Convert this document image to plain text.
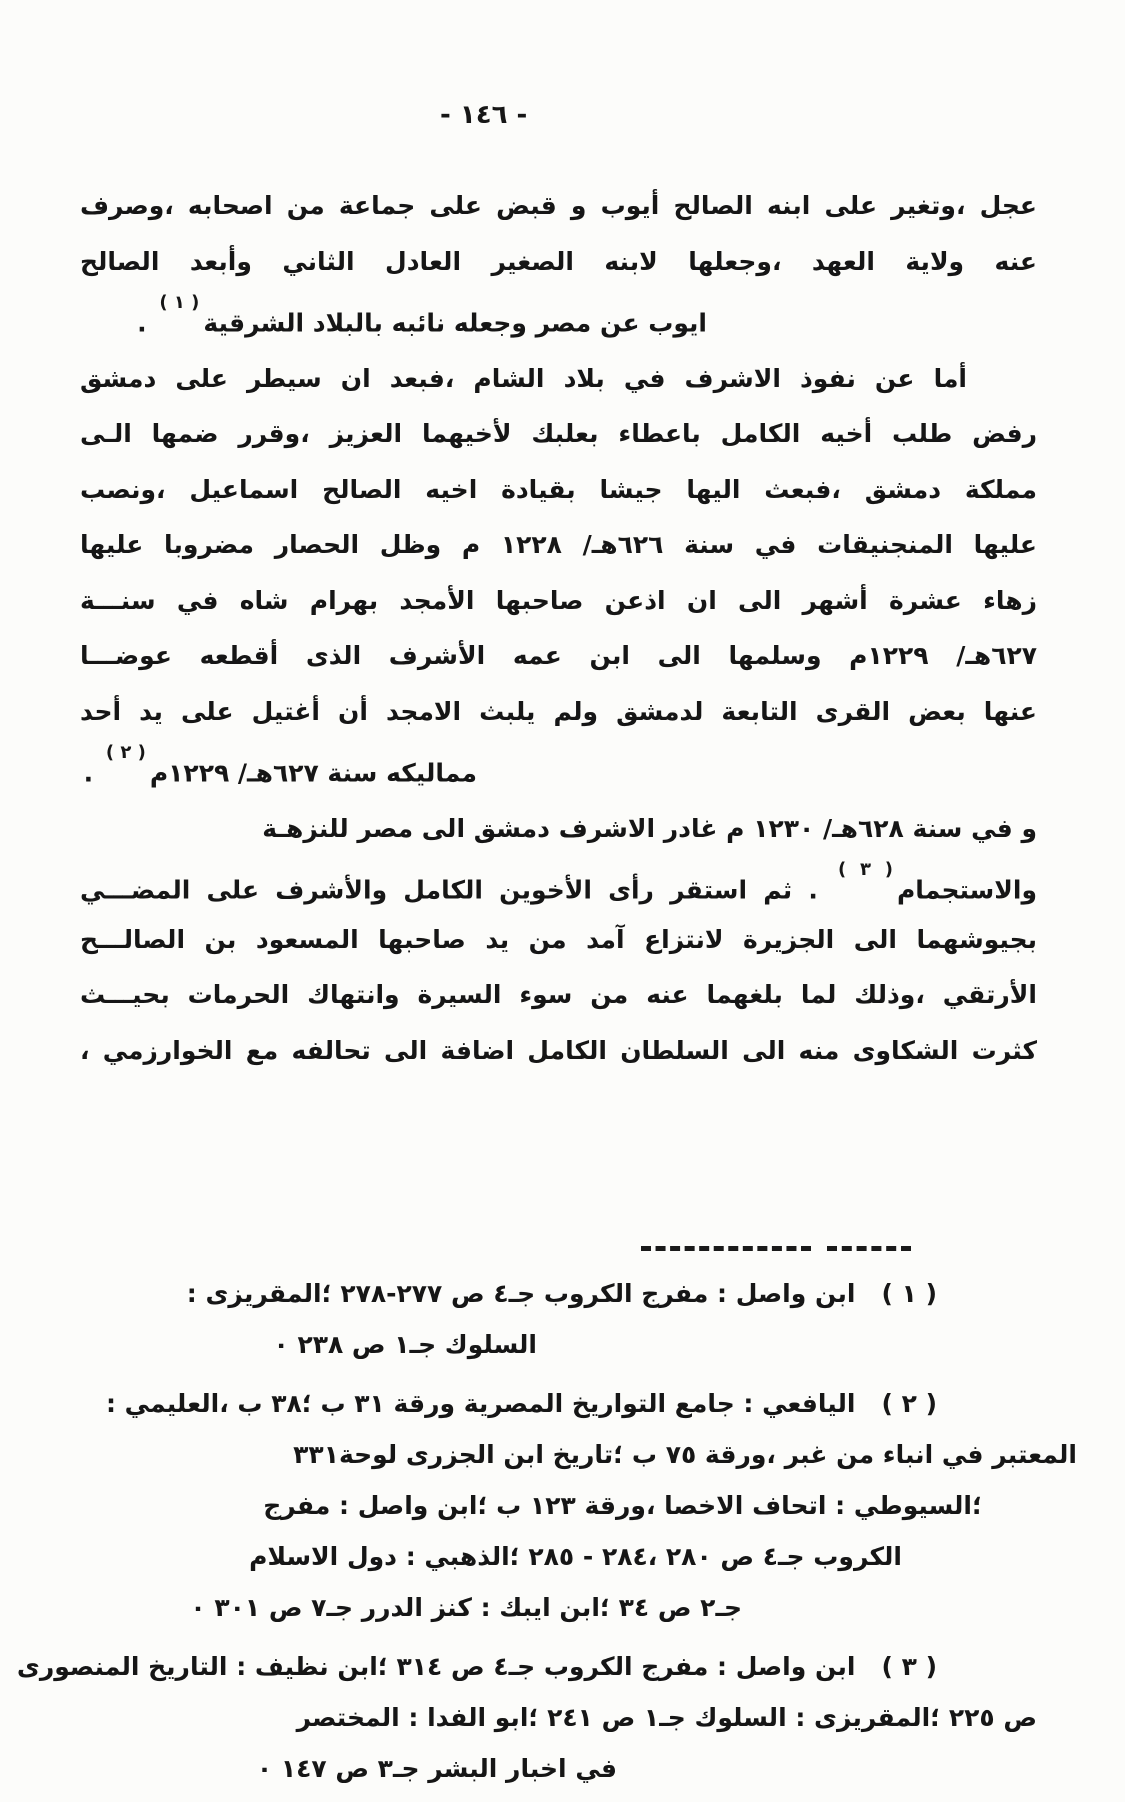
- ١٤٦ -
عجل ،وتغير على ابنه الصالح أيوب و قبض على جماعة من اصحابه ،وصرف
عنه ولاية العهد ،وجعلها لابنه الصغير العادل الثاني وأبعد الصالح
ايوب عن مصر وجعله نائبه بالبلاد الشرقية$^{( ١ )}$ .
أما عن نفوذ الاشرف في بلاد الشام ،فبعد ان سيطر على دمشق
رفض طلب أخيه الكامل باعطاء بعلبك لأخيهما العزيز ،وقرر ضمها الـى
مملكة دمشق ،فبعث اليها جيشا بقيادة اخيه الصالح اسماعيل ،ونصب
عليها المنجنيقات في سنة ٦٢٦هـ/ ١٢٢٨ م وظل الحصار مضروبا عليها
زهاء عشرة أشهر الى ان اذعن صاحبها الأمجد بهرام شاه في سنـــة
٦٢٧هـ/ ١٢٢٩م وسلمها الى ابن عمه الأشرف الذى أقطعه عوضـــا
عنها بعض القرى التابعة لدمشق ولم يلبث الامجد أن أغتيل على يد أحد
مماليكه سنة ٦٢٧هـ/ ١٢٢٩م$^{( ٢ )}$ .
و في سنة ٦٢٨هـ/ ١٢٣٠ م غادر الاشرف دمشق الى مصر للنزهـة
والاستجمام$^{( ٣ )}$ . ثم استقر رأى الأخوين الكامل والأشرف على المضـــي
بجيوشهما الى الجزيرة لانتزاع آمد من يد صاحبها المسعود بن الصالـــح
الأرتقي ،وذلك لما بلغهما عنه من سوء السيرة وانتهاك الحرمات بحيـــث
كثرت الشكاوى منه الى السلطان الكامل اضافة الى تحالفه مع الخوارزمي ،
( ١ )ابن واصل : مفرج الكروب جـ٤ ص ٢٧٧-٢٧٨ ؛المقريزى :
السلوك جـ١ ص ٢٣٨ ٠
( ٢ )اليافعي : جامع التواريخ المصرية ورقة ٣١ ب ؛٣٨ ب ،العليمي :
المعتبر في انباء من غبر ،ورقة ٧٥ ب ؛تاريخ ابن الجزرى لوحة٣٣١
؛السيوطي : اتحاف الاخصا ،ورقة ١٢٣ ب ؛ابن واصل : مفرج
الكروب جـ٤ ص ٢٨٠ ،٢٨٤ - ٢٨٥ ؛الذهبي : دول الاسلام
جـ٢ ص ٣٤ ؛ابن ايبك : كنز الدرر جـ٧ ص ٣٠١ ٠
( ٣ )ابن واصل : مفرج الكروب جـ٤ ص ٣١٤ ؛ابن نظيف : التاريخ المنصورى
ص ٢٢٥ ؛المقريزى : السلوك جـ١ ص ٢٤١ ؛ابو الفدا : المختصر
في اخبار البشر جـ٣ ص ١٤٧ ٠
